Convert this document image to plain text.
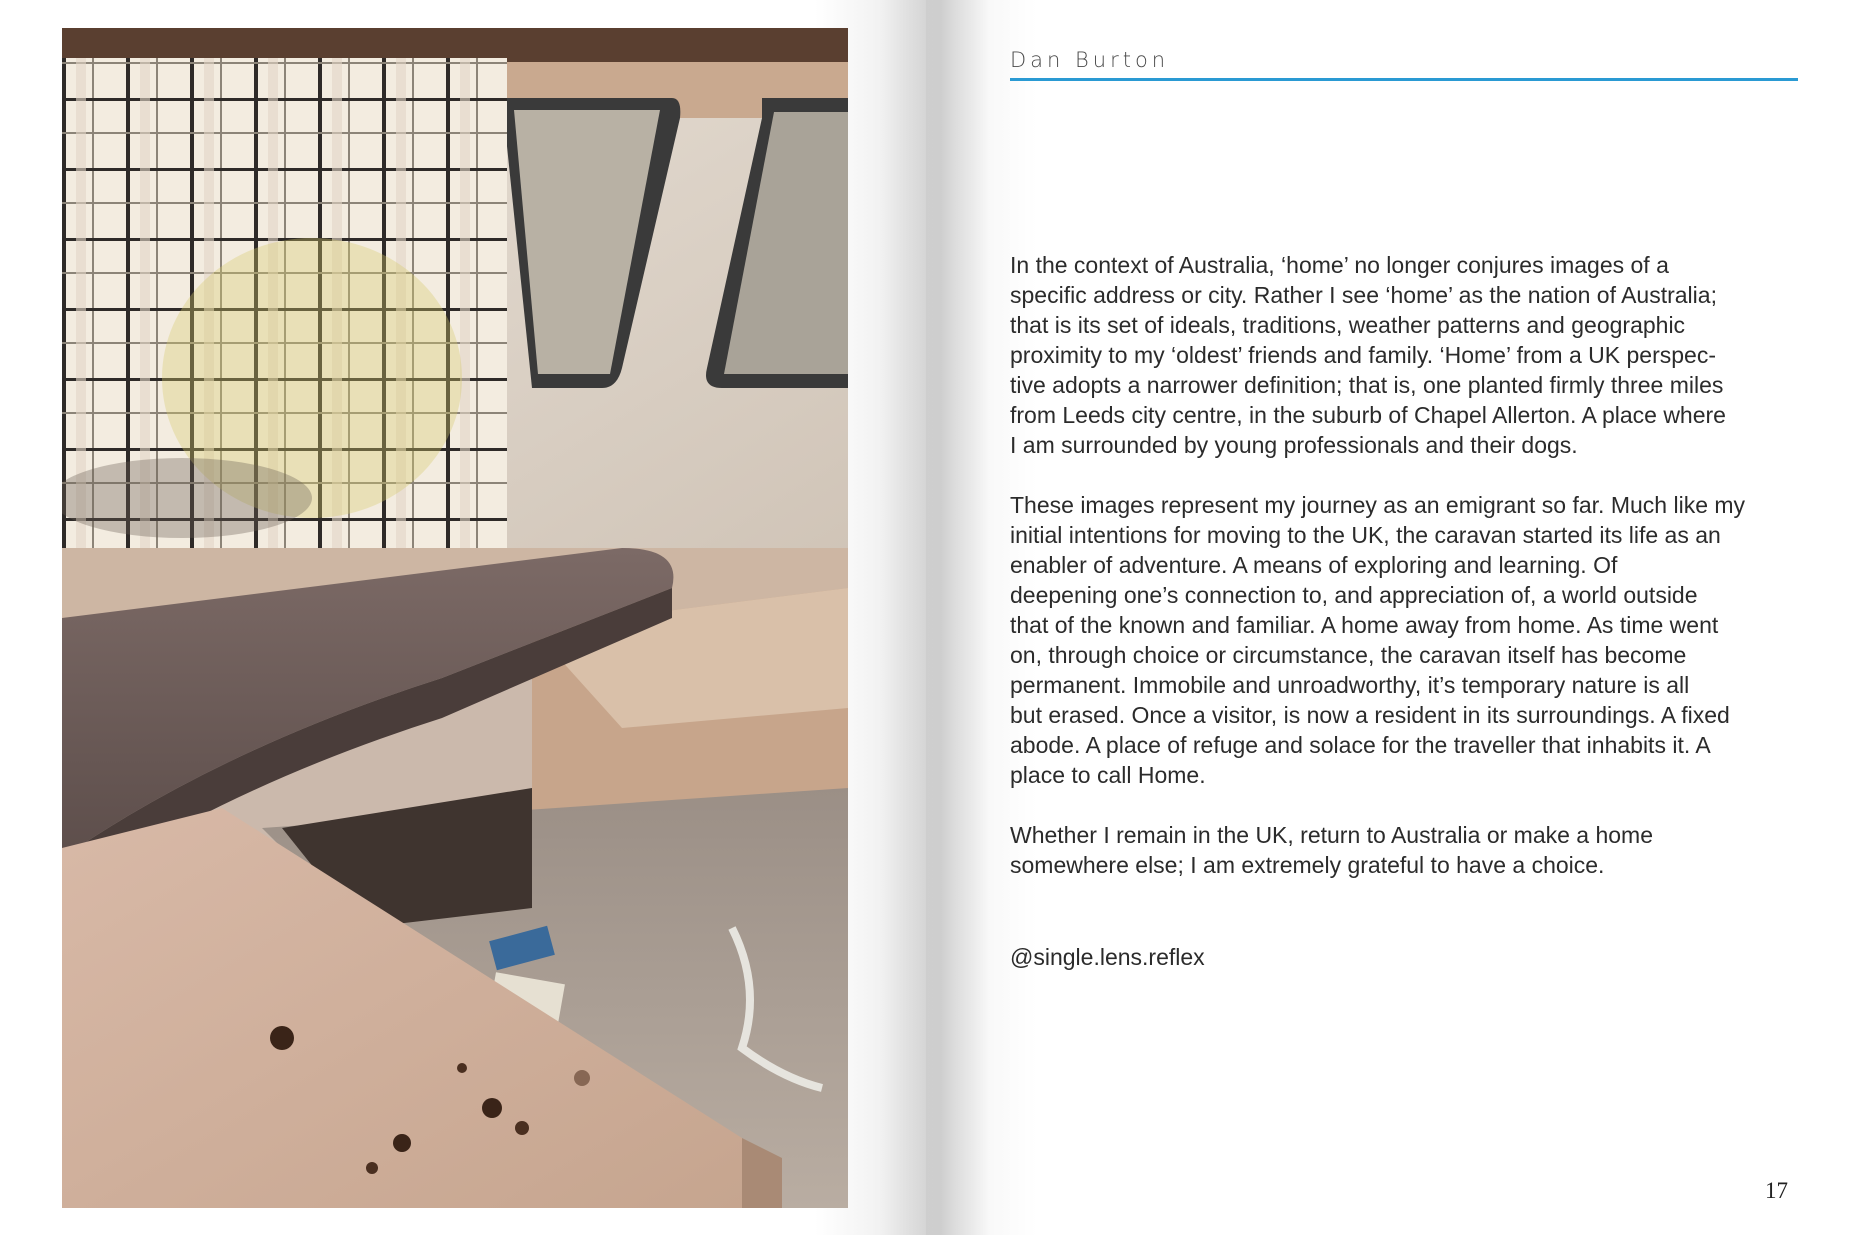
Dan Burton
In the context of Australia, ‘home’ no longer conjures images of a
specific address or city. Rather I see ‘home’ as the nation of Australia;
that is its set of ideals, traditions, weather patterns and geographic
proximity to my ‘oldest’ friends and family. ‘Home’ from a UK perspec-
tive adopts a narrower definition; that is, one planted firmly three miles
from Leeds city centre, in the suburb of Chapel Allerton. A place where
I am surrounded by young professionals and their dogs.
These images represent my journey as an emigrant so far. Much like my
initial intentions for moving to the UK, the caravan started its life as an
enabler of adventure. A means of exploring and learning. Of
deepening one’s connection to, and appreciation of, a world outside
that of the known and familiar. A home away from home. As time went
on, through choice or circumstance, the caravan itself has become
permanent. Immobile and unroadworthy, it’s temporary nature is all
but erased. Once a visitor, is now a resident in its surroundings. A fixed
abode. A place of refuge and solace for the traveller that inhabits it. A
place to call Home.
Whether I remain in the UK, return to Australia or make a home
somewhere else; I am extremely grateful to have a choice.
@single.lens.reflex
17
